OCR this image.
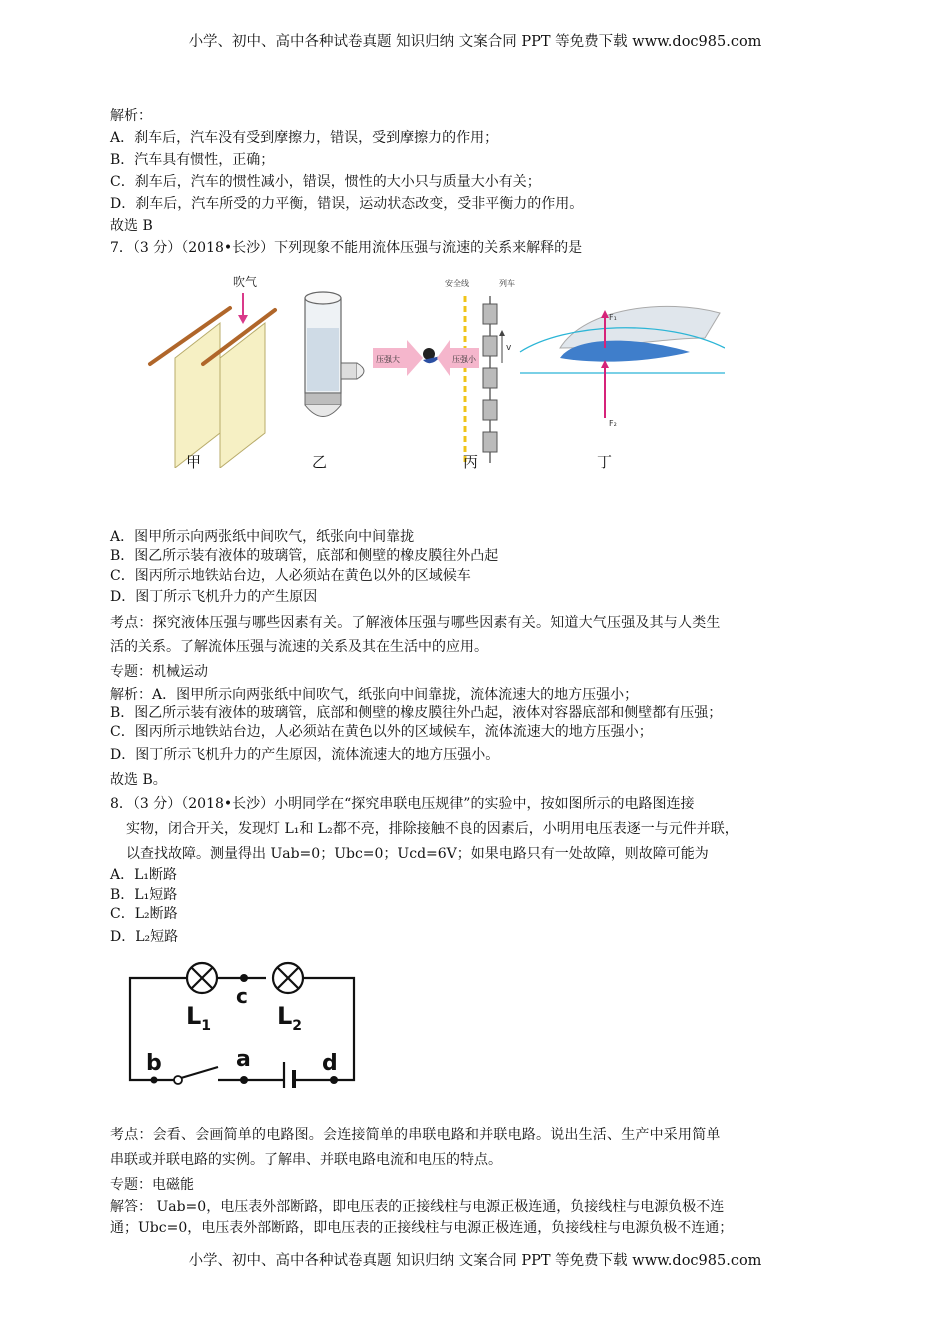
小学、初中、高中各种试卷真题 知识归纳 文案合同 PPT 等免费下载 www.doc985.com
解析：
A．刹车后，汽车没有受到摩擦力，错误，受到摩擦力的作用；
B．汽车具有惯性，正确；
C．刹车后，汽车的惯性减小，错误，惯性的大小只与质量大小有关；
D．刹车后，汽车所受的力平衡，错误，运动状态改变，受非平衡力的作用。
故选 B
7．（3 分）（2018•长沙）下列现象不能用流体压强与流速的关系来解释的是
吹气	安全线	列车
v
压强大	压强小
F₁
F₂
甲	乙	丙	丁
A．图甲所示向两张纸中间吹气，纸张向中间靠拢
B．图乙所示装有液体的玻璃管，底部和侧壁的橡皮膜往外凸起
C．图丙所示地铁站台边，人必须站在黄色以外的区域候车
D．图丁所示飞机升力的产生原因
考点：探究液体压强与哪些因素有关。了解液体压强与哪些因素有关。知道大气压强及其与人类生
活的关系。了解流体压强与流速的关系及其在生活中的应用。
专题：机械运动
解析：A．图甲所示向两张纸中间吹气，纸张向中间靠拢，流体流速大的地方压强小；
B．图乙所示装有液体的玻璃管，底部和侧壁的橡皮膜往外凸起，液体对容器底部和侧壁都有压强；
C．图丙所示地铁站台边，人必须站在黄色以外的区域候车，流体流速大的地方压强小；
D．图丁所示飞机升力的产生原因，流体流速大的地方压强小。
故选 B。
8．（3 分）（2018•长沙）小明同学在“探究串联电压规律”的实验中，按如图所示的电路图连接
实物，闭合开关，发现灯 L₁和 L₂都不亮，排除接触不良的因素后，小明用电压表逐一与元件并联，
以查找故障。测量得出 Uab=0；Ubc=0；Ucd=6V；如果电路只有一处故障，则故障可能为
A．L₁断路
B．L₁短路
C．L₂断路
D．L₂短路
c
$L_1$	$L_2$
b	a	d
考点：会看、会画简单的电路图。会连接简单的串联电路和并联电路。说出生活、生产中采用简单
串联或并联电路的实例。了解串、并联电路电流和电压的特点。
专题：电磁能
解答： Uab=0，电压表外部断路，即电压表的正接线柱与电源正极连通，负接线柱与电源负极不连
通；Ubc=0，电压表外部断路，即电压表的正接线柱与电源正极连通，负接线柱与电源负极不连通；
小学、初中、高中各种试卷真题 知识归纳 文案合同 PPT 等免费下载 www.doc985.com
